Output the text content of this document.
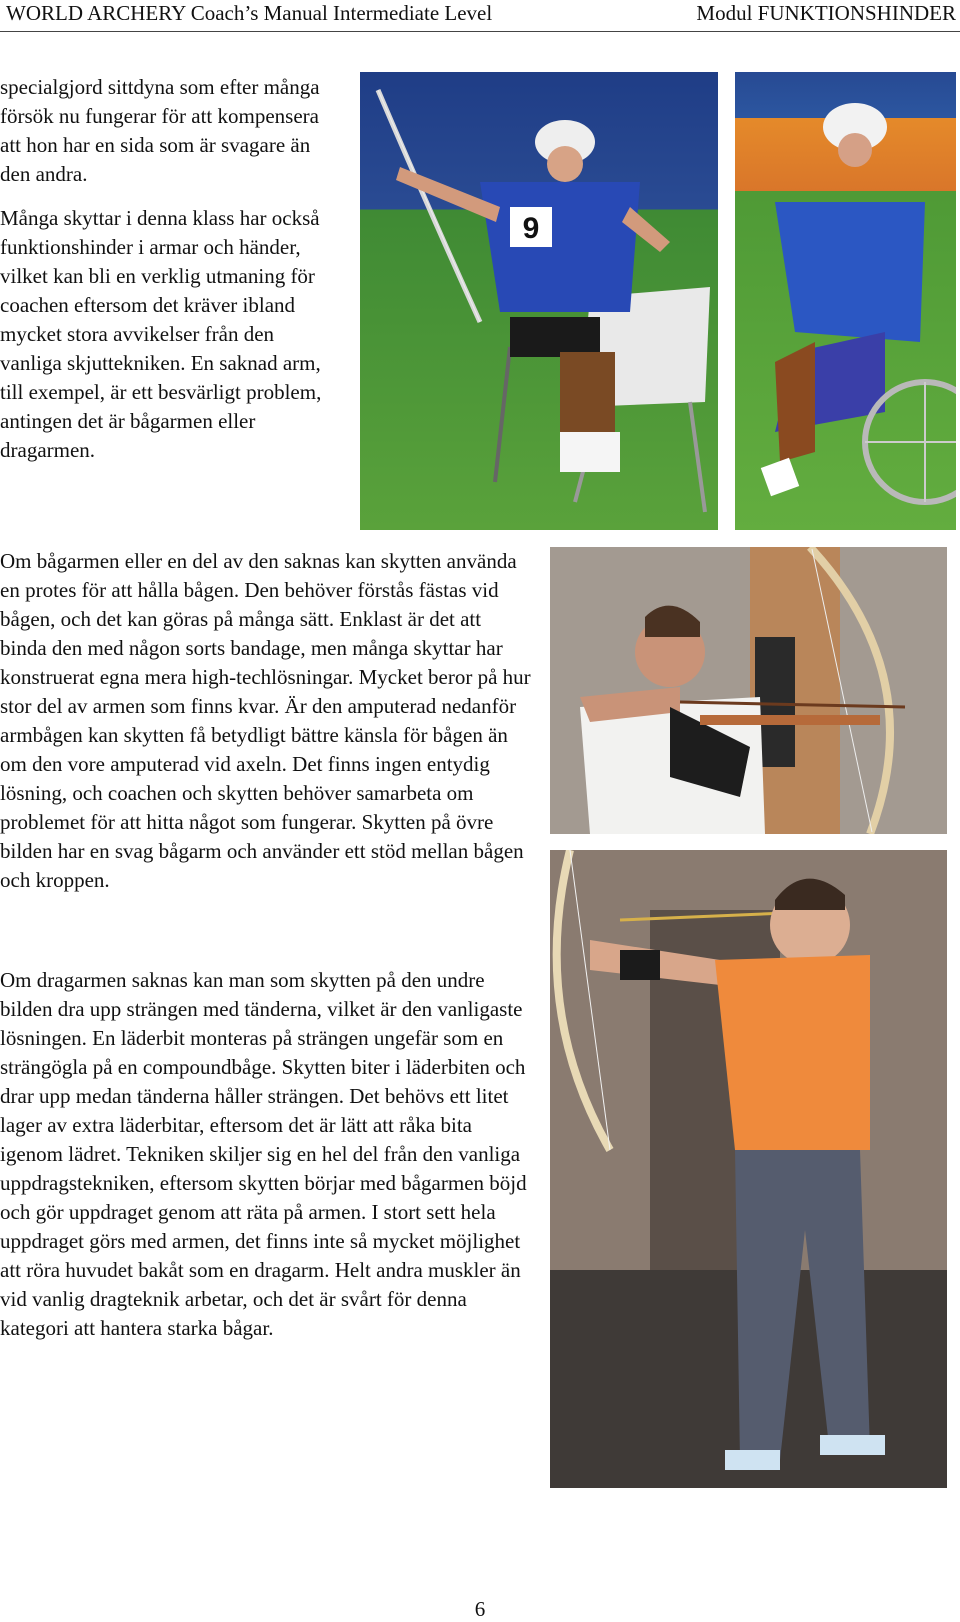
WORLD ARCHERY Coach’s Manual Intermediate Level	Modul FUNKTIONSHINDER

specialgjord sittdyna som efter många försök nu fungerar för att kompensera att hon har en sida som är svagare än den andra.

Många skyttar i denna klass har också funktionshinder i armar och händer, vilket kan bli en verklig utmaning för coachen eftersom det kräver ibland mycket stora avvikelser från den vanliga skjuttekniken. En saknad arm, till exempel, är ett besvärligt problem, antingen det är bågarmen eller dragarmen.

Om bågarmen eller en del av den saknas kan skytten använda en protes för att hålla bågen. Den behöver förstås fästas vid bågen, och det kan göras på många sätt. Enklast är det att binda den med någon sorts bandage, men många skyttar har konstruerat egna mera high-techlösningar. Mycket beror på hur stor del av armen som finns kvar. Är den amputerad nedanför armbågen kan skytten få betydligt bättre känsla för bågen än om den vore amputerad vid axeln. Det finns ingen entydig lösning, och coachen och skytten behöver samarbeta om problemet för att hitta något som fungerar. Skytten på övre bilden har en svag bågarm och använder ett stöd mellan bågen och kroppen.

Om dragarmen saknas kan man som skytten på den undre bilden dra upp strängen med tänderna, vilket är den vanligaste lösningen. En läderbit monteras på strängen ungefär som en strängögla på en compoundbåge. Skytten biter i läderbiten och drar upp medan tänderna håller strängen. Det behövs ett litet lager av extra läderbitar, eftersom det är lätt att råka bita igenom lädret. Tekniken skiljer sig en hel del från den vanliga uppdragstekniken, eftersom skytten börjar med bågarmen böjd och gör uppdraget genom att räta på armen. I stort sett hela uppdraget görs med armen, det finns inte så mycket möjlighet att röra huvudet bakåt som en dragarm. Helt andra muskler än vid vanlig dragteknik arbetar, och det är svårt för denna kategori att hantera starka bågar.

9
6
